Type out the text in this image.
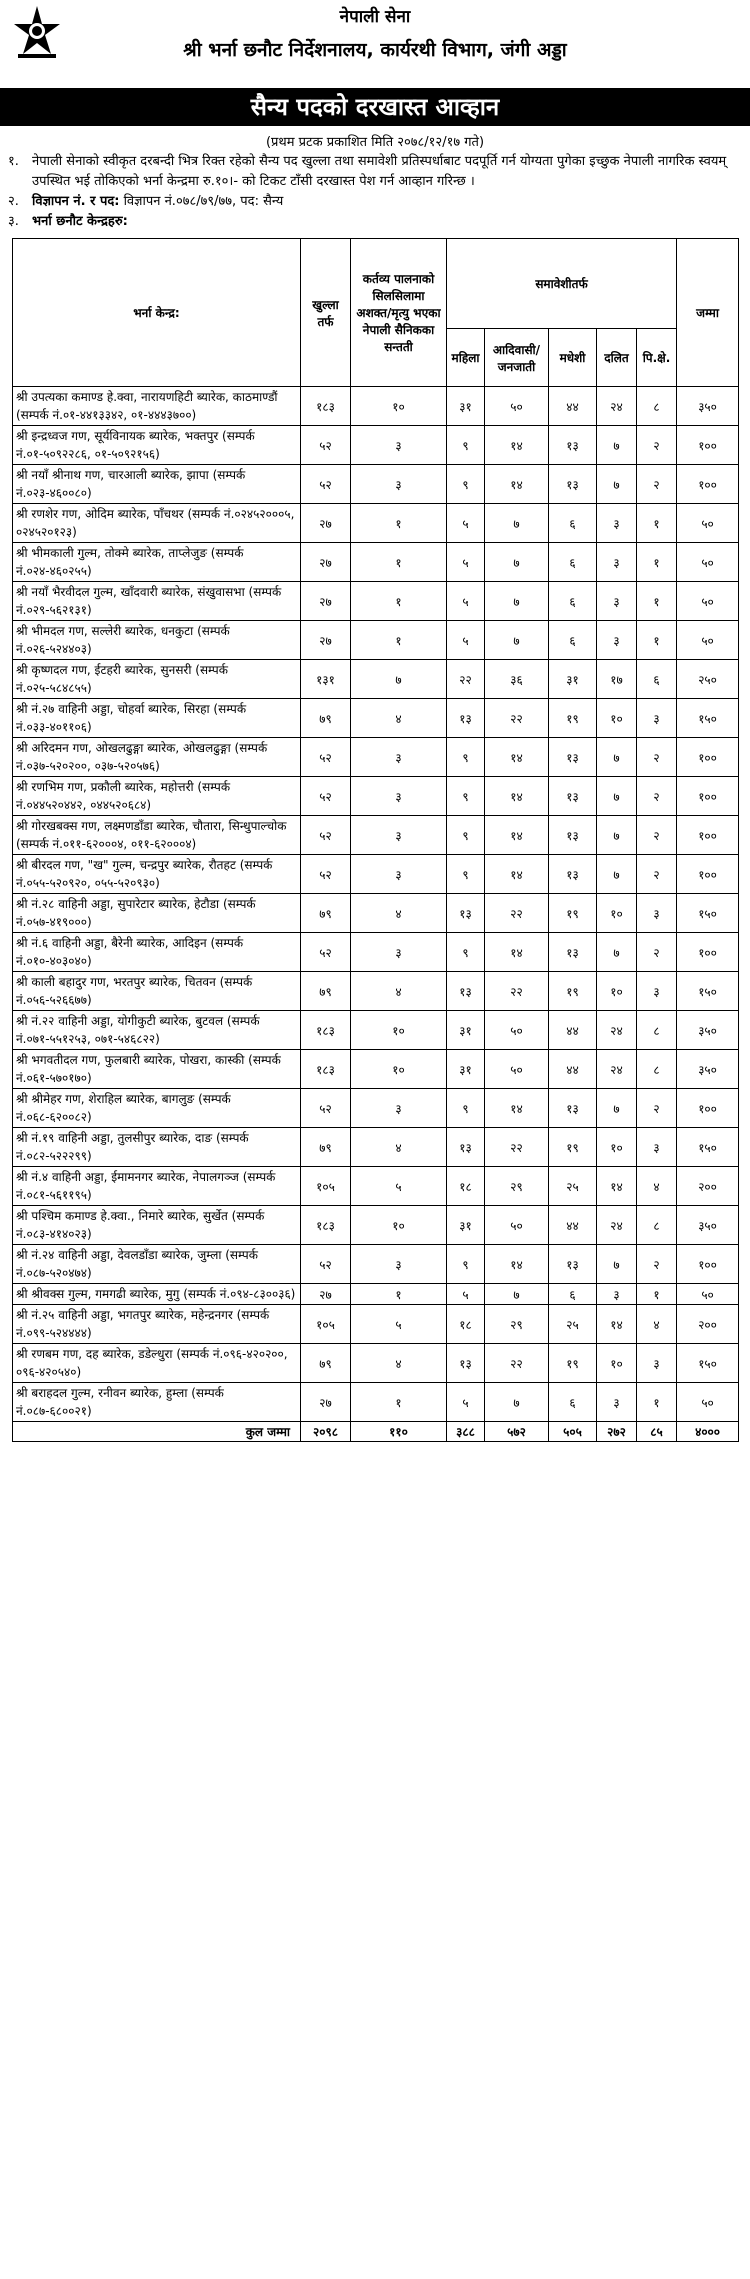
नेपाली सेना
श्री भर्ना छनौट निर्देशनालय, कार्यरथी विभाग, जंगी अड्डा
सैन्य पदको दरखास्त आव्हान
(प्रथम प्रटक प्रकाशित मिति २०७८/१२/१७ गते)
१.	नेपाली सेनाको स्वीकृत दरबन्दी भित्र रिक्त रहेको सैन्य पद खुल्ला तथा समावेशी प्रतिस्पर्धाबाट पदपूर्ति गर्न योग्यता पुगेका इच्छुक नेपाली नागरिक स्वयम् उपस्थित भई तोकिएको भर्ना केन्द्रमा रु.१०।- को टिकट टाँसी दरखास्त पेश गर्न आव्हान गरिन्छ ।
२.	विज्ञापन नं. र पद: विज्ञापन नं.०७८/७९/७७, पद: सैन्य
३.	भर्ना छनौट केन्द्रहरु:
भर्ना केन्द्र:	खुल्ला तर्फ	कर्तव्य पालनाको सिलसिलामा अशक्त/मृत्यु भएका नेपाली सैनिकका सन्तती	समावेशीतर्फ					जम्मा
			महिला	आदिवासी/जनजाती	मधेशी	दलित	पि.क्षे.	
श्री उपत्यका कमाण्ड हे.क्वा, नारायणहिटी ब्यारेक, काठमाण्डौं (सम्पर्क नं.०१-४४१३३४२, ०१-४४४३७००)	१८३	१०	३१	५०	४४	२४	८	३५०
श्री इन्द्रध्वज गण, सूर्यविनायक ब्यारेक, भक्तपुर (सम्पर्क नं.०१-५०९२२८६, ०१-५०९२१५६)	५२	३	९	१४	१३	७	२	१००
श्री नयाँ श्रीनाथ गण, चारआली ब्यारेक, झापा (सम्पर्क नं.०२३-४६००८०)	५२	३	९	१४	१३	७	२	१००
श्री रणशेर गण, ओदिम ब्यारेक, पाँचथर (सम्पर्क नं.०२४५२०००५, ०२४५२०१२३)	२७	१	५	७	६	३	१	५०
श्री भीमकाली गुल्म, तोक्मे ब्यारेक, ताप्लेजुङ (सम्पर्क नं.०२४-४६०२५५)	२७	१	५	७	६	३	१	५०
श्री नयाँ भैरवीदल गुल्म, खाँदवारी ब्यारेक, संखुवासभा (सम्पर्क नं.०२९-५६२१३१)	२७	१	५	७	६	३	१	५०
श्री भीमदल गण, सल्लेरी ब्यारेक, धनकुटा (सम्पर्क नं.०२६-५२४४०३)	२७	१	५	७	६	३	१	५०
श्री कृष्णदल गण, ईटहरी ब्यारेक, सुनसरी (सम्पर्क नं.०२५-५८४८५५)	१३१	७	२२	३६	३१	१७	६	२५०
श्री नं.२७ वाहिनी अड्डा, चोहर्वा ब्यारेक, सिरहा (सम्पर्क नं.०३३-४०११०६)	७९	४	१३	२२	१९	१०	३	१५०
श्री अरिदमन गण, ओखलढुङ्गा ब्यारेक, ओखलढुङ्गा (सम्पर्क नं.०३७-५२०२००, ०३७-५२०५७६)	५२	३	९	१४	१३	७	२	१००
श्री रणभिम गण, प्रकौली ब्यारेक, महोत्तरी (सम्पर्क नं.०४४५२०४४२, ०४४५२०६८४)	५२	३	९	१४	१३	७	२	१००
श्री गोरखबक्स गण, लक्ष्मणडाँडा ब्यारेक, चौतारा, सिन्धुपाल्चोक (सम्पर्क नं.०११-६२०००४, ०११-६२०००४)	५२	३	९	१४	१३	७	२	१००
श्री बीरदल गण, "ख" गुल्म, चन्द्रपुर ब्यारेक, रौतहट (सम्पर्क नं.०५५-५२०९२०, ०५५-५२०९३०)	५२	३	९	१४	१३	७	२	१००
श्री नं.२८ वाहिनी अड्डा, सुपारेटार ब्यारेक, हेटौडा (सम्पर्क नं.०५७-४१९०००)	७९	४	१३	२२	१९	१०	३	१५०
श्री नं.६ वाहिनी अड्डा, बैरेनी ब्यारेक, आदिइन (सम्पर्क नं.०१०-४०३०४०)	५२	३	९	१४	१३	७	२	१००
श्री काली बहादुर गण, भरतपुर ब्यारेक, चितवन (सम्पर्क नं.०५६-५२६६७७)	७९	४	१३	२२	१९	१०	३	१५०
श्री नं.२२ वाहिनी अड्डा, योगीकुटी ब्यारेक, बुटवल (सम्पर्क नं.०७१-५५१२५३, ०७१-५४६८२२)	१८३	१०	३१	५०	४४	२४	८	३५०
श्री भगवतीदल गण, फुलबारी ब्यारेक, पोखरा, कास्की (सम्पर्क नं.०६१-५७०१७०)	१८३	१०	३१	५०	४४	२४	८	३५०
श्री श्रीमेहर गण, शेराहिल ब्यारेक, बागलुङ (सम्पर्क नं.०६८-६२००८२)	५२	३	९	१४	१३	७	२	१००
श्री नं.१९ वाहिनी अड्डा, तुलसीपुर ब्यारेक, दाङ (सम्पर्क नं.०८२-५२२२९९)	७९	४	१३	२२	१९	१०	३	१५०
श्री नं.४ वाहिनी अड्डा, ईमामनगर ब्यारेक, नेपालगञ्ज (सम्पर्क नं.०८१-५६११९५)	१०५	५	१८	२९	२५	१४	४	२००
श्री पश्चिम कमाण्ड हे.क्वा., निमारे ब्यारेक, सुर्खेत (सम्पर्क नं.०८३-४१४०२३)	१८३	१०	३१	५०	४४	२४	८	३५०
श्री नं.२४ वाहिनी अड्डा, देवलडाँडा ब्यारेक, जुम्ला (सम्पर्क नं.०८७-५२०४७४)	५२	३	९	१४	१३	७	२	१००
श्री श्रीवक्स गुल्म, गमगढी ब्यारेक, मुगु (सम्पर्क नं.०९४-८३००३६)	२७	१	५	७	६	३	१	५०
श्री नं.२५ वाहिनी अड्डा, भगतपुर ब्यारेक, महेन्द्रनगर (सम्पर्क नं.०९९-५२४४४४)	१०५	५	१८	२९	२५	१४	४	२००
श्री रणबम गण, दह ब्यारेक, डडेल्धुरा (सम्पर्क नं.०९६-४२०२००, ०९६-४२०५४०)	७९	४	१३	२२	१९	१०	३	१५०
श्री बराहदल गुल्म, रनीवन ब्यारेक, हुम्ला (सम्पर्क नं.०८७-६८००२१)	२७	१	५	७	६	३	१	५०
कुल जम्मा	२०९८	११०	३८८	५७२	५०५	२७२	८५	४०००
